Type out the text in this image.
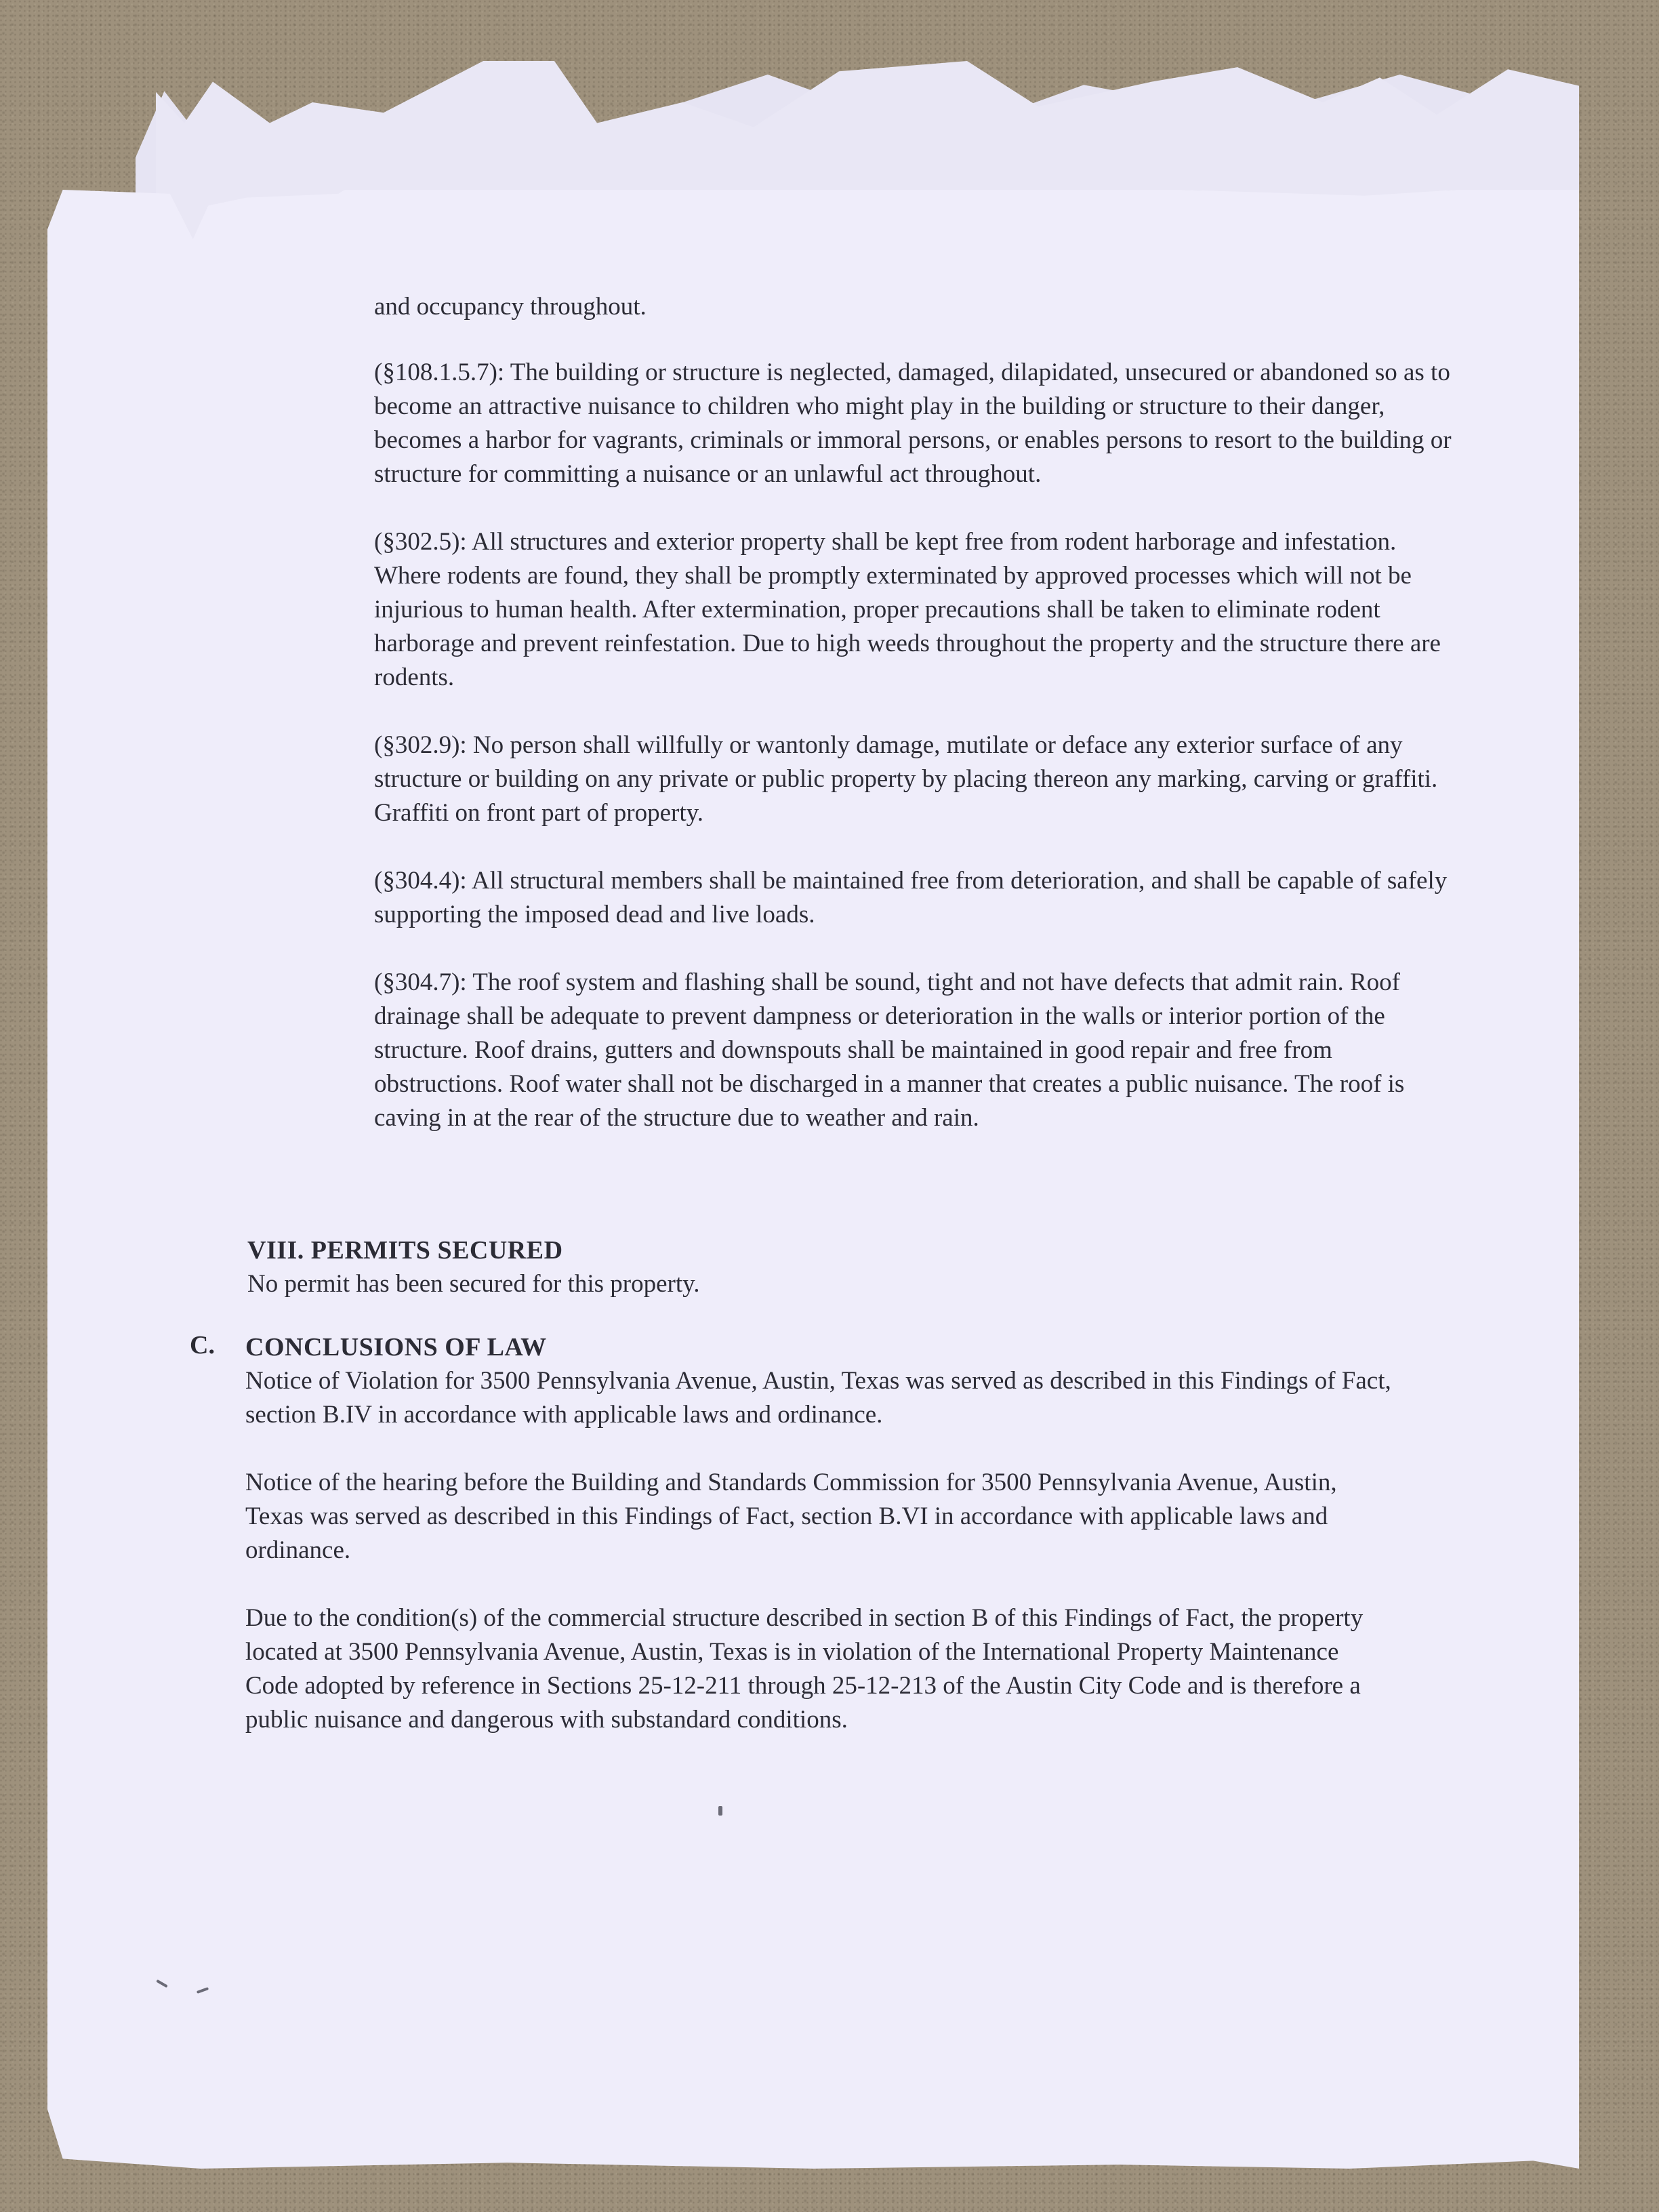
and occupancy throughout.

(§108.1.5.7): The building or structure is neglected, damaged, dilapidated, unsecured or abandoned so as to become an attractive nuisance to children who might play in the building or structure to their danger, becomes a harbor for vagrants, criminals or immoral persons, or enables persons to resort to the building or structure for committing a nuisance or an unlawful act throughout.

(§302.5): All structures and exterior property shall be kept free from rodent harborage and infestation. Where rodents are found, they shall be promptly exterminated by approved processes which will not be injurious to human health. After extermination, proper precautions shall be taken to eliminate rodent harborage and prevent reinfestation. Due to high weeds throughout the property and the structure there are rodents.

(§302.9): No person shall willfully or wantonly damage, mutilate or deface any exterior surface of any structure or building on any private or public property by placing thereon any marking, carving or graffiti. Graffiti on front part of property.

(§304.4): All structural members shall be maintained free from deterioration, and shall be capable of safely supporting the imposed dead and live loads.

(§304.7): The roof system and flashing shall be sound, tight and not have defects that admit rain. Roof drainage shall be adequate to prevent dampness or deterioration in the walls or interior portion of the structure. Roof drains, gutters and downspouts shall be maintained in good repair and free from obstructions. Roof water shall not be discharged in a manner that creates a public nuisance. The roof is caving in at the rear of the structure due to weather and rain.

VIII. PERMITS SECURED
No permit has been secured for this property.
C. CONCLUSIONS OF LAW

Notice of Violation for 3500 Pennsylvania Avenue, Austin, Texas was served as described in this Findings of Fact, section B.IV in accordance with applicable laws and ordinance.

Notice of the hearing before the Building and Standards Commission for 3500 Pennsylvania Avenue, Austin, Texas was served as described in this Findings of Fact, section B.VI in accordance with applicable laws and ordinance.

Due to the condition(s) of the commercial structure described in section B of this Findings of Fact, the property located at 3500 Pennsylvania Avenue, Austin, Texas is in violation of the International Property Maintenance Code adopted by reference in Sections 25-12-211 through 25-12-213 of the Austin City Code and is therefore a public nuisance and dangerous with substandard conditions.
